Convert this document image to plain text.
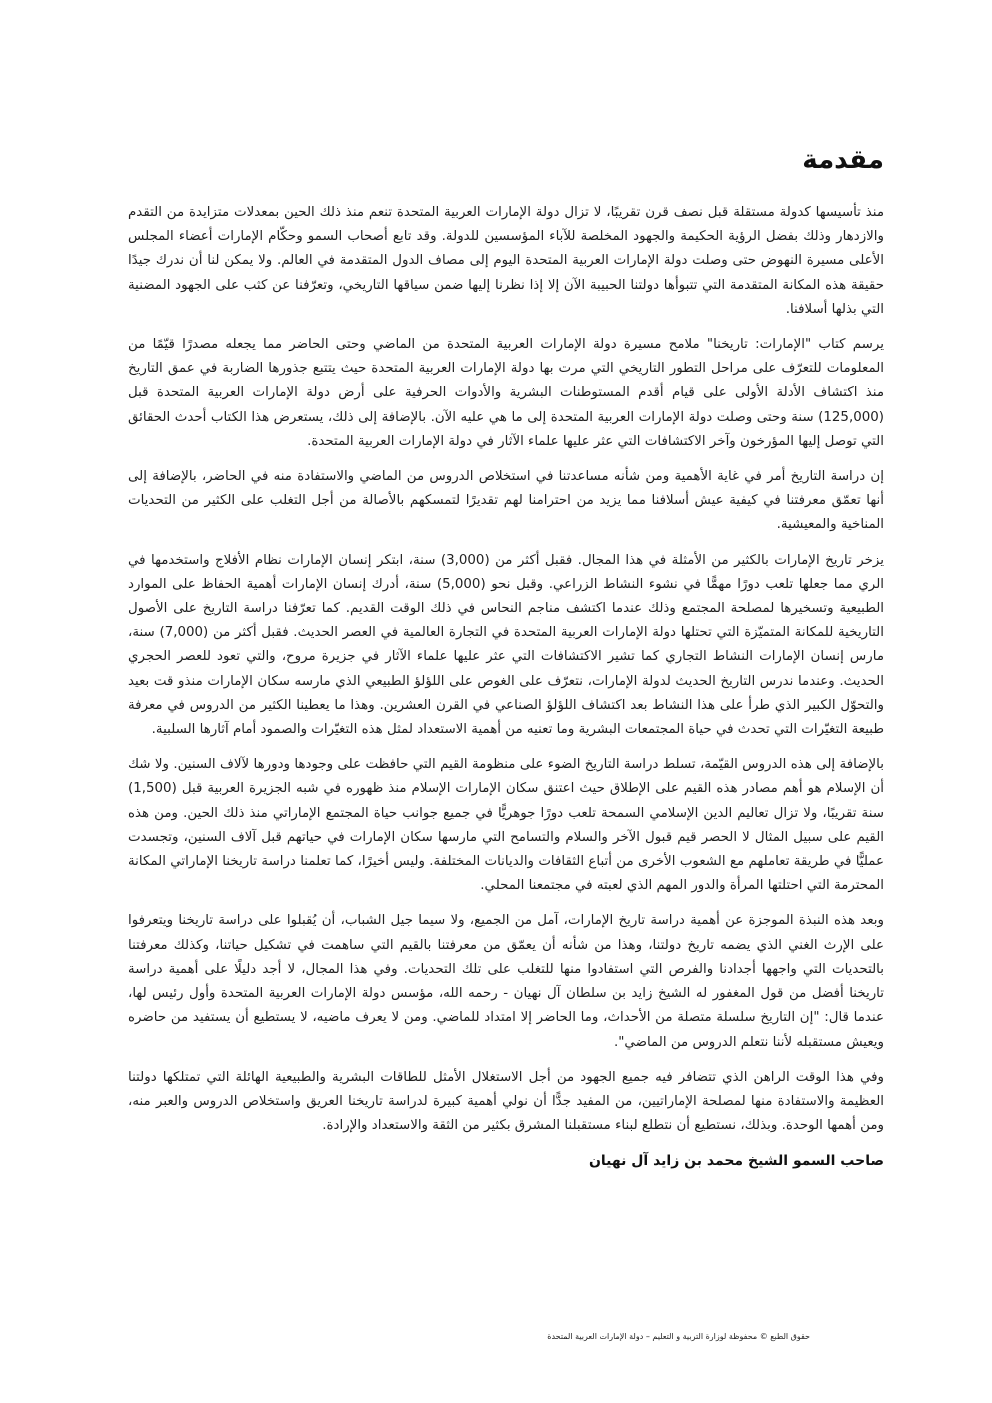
مقدمة

منذ تأسيسها كدولة مستقلة قبل نصف قرن تقريبًا، لا تزال دولة الإمارات العربية المتحدة تنعم منذ ذلك الحين بمعدلات متزايدة من التقدم والازدهار وذلك بفضل الرؤية الحكيمة والجهود المخلصة للآباء المؤسسين للدولة. وقد تابع أصحاب السمو وحكّام الإمارات أعضاء المجلس الأعلى مسيرة النهوض حتى وصلت دولة الإمارات العربية المتحدة اليوم إلى مصاف الدول المتقدمة في العالم. ولا يمكن لنا أن ندرك جيدًا حقيقة هذه المكانة المتقدمة التي تتبوأها دولتنا الحبيبة الآن إلا إذا نظرنا إليها ضمن سياقها التاريخي، وتعرّفنا عن كثب على الجهود المضنية التي بذلها أسلافنا.

يرسم كتاب "الإمارات: تاريخنا" ملامح مسيرة دولة الإمارات العربية المتحدة من الماضي وحتى الحاضر مما يجعله مصدرًا قيّمًا من المعلومات للتعرّف على مراحل التطور التاريخي التي مرت بها دولة الإمارات العربية المتحدة حيث يتتبع جذورها الضاربة في عمق التاريخ منذ اكتشاف الأدلة الأولى على قيام أقدم المستوطنات البشرية والأدوات الحرفية على أرض دولة الإمارات العربية المتحدة قبل (125,000) سنة وحتى وصلت دولة الإمارات العربية المتحدة إلى ما هي عليه الآن. بالإضافة إلى ذلك، يستعرض هذا الكتاب أحدث الحقائق التي توصل إليها المؤرخون وآخر الاكتشافات التي عثر عليها علماء الآثار في دولة الإمارات العربية المتحدة.

إن دراسة التاريخ أمر في غاية الأهمية ومن شأنه مساعدتنا في استخلاص الدروس من الماضي والاستفادة منه في الحاضر، بالإضافة إلى أنها تعمّق معرفتنا في كيفية عيش أسلافنا مما يزيد من احترامنا لهم تقديرًا لتمسكهم بالأصالة من أجل التغلب على الكثير من التحديات المناخية والمعيشية.

يزخر تاريخ الإمارات بالكثير من الأمثلة في هذا المجال. فقبل أكثر من (3,000) سنة، ابتكر إنسان الإمارات نظام الأفلاج واستخدمها في الري مما جعلها تلعب دورًا مهمًّا في نشوء النشاط الزراعي. وقبل نحو (5,000) سنة، أدرك إنسان الإمارات أهمية الحفاظ على الموارد الطبيعية وتسخيرها لمصلحة المجتمع وذلك عندما اكتشف مناجم النحاس في ذلك الوقت القديم. كما تعرّفنا دراسة التاريخ على الأصول التاريخية للمكانة المتميّزة التي تحتلها دولة الإمارات العربية المتحدة في التجارة العالمية في العصر الحديث. فقبل أكثر من (7,000) سنة، مارس إنسان الإمارات النشاط التجاري كما تشير الاكتشافات التي عثر عليها علماء الآثار في جزيرة مروح، والتي تعود للعصر الحجري الحديث. وعندما ندرس التاريخ الحديث لدولة الإمارات، نتعرّف على الغوص على اللؤلؤ الطبيعي الذي مارسه سكان الإمارات منذو قت بعيد والتحوّل الكبير الذي طرأ على هذا النشاط بعد اكتشاف اللؤلؤ الصناعي في القرن العشرين. وهذا ما يعطينا الكثير من الدروس في معرفة طبيعة التغيّرات التي تحدث في حياة المجتمعات البشرية وما تعنيه من أهمية الاستعداد لمثل هذه التغيّرات والصمود أمام آثارها السلبية.

بالإضافة إلى هذه الدروس القيّمة، تسلط دراسة التاريخ الضوء على منظومة القيم التي حافظت على وجودها ودورها لآلاف السنين. ولا شك أن الإسلام هو أهم مصادر هذه القيم على الإطلاق حيث اعتنق سكان الإمارات الإسلام منذ ظهوره في شبه الجزيرة العربية قبل (1,500) سنة تقريبًا، ولا تزال تعاليم الدين الإسلامي السمحة تلعب دورًا جوهريًّا في جميع جوانب حياة المجتمع الإماراتي منذ ذلك الحين. ومن هذه القيم على سبيل المثال لا الحصر قيم قبول الآخر والسلام والتسامح التي مارسها سكان الإمارات في حياتهم قبل آلاف السنين، وتجسدت عمليًّا في طريقة تعاملهم مع الشعوب الأخرى من أتباع الثقافات والديانات المختلفة. وليس أخيرًا، كما تعلمنا دراسة تاريخنا الإماراتي المكانة المحترمة التي احتلتها المرأة والدور المهم الذي لعبته في مجتمعنا المحلي.

وبعد هذه النبذة الموجزة عن أهمية دراسة تاريخ الإمارات، آمل من الجميع، ولا سيما جيل الشباب، أن يُقبلوا على دراسة تاريخنا ويتعرفوا على الإرث الغني الذي يضمه تاريخ دولتنا، وهذا من شأنه أن يعمّق من معرفتنا بالقيم التي ساهمت في تشكيل حياتنا، وكذلك معرفتنا بالتحديات التي واجهها أجدادنا والفرص التي استفادوا منها للتغلب على تلك التحديات. وفي هذا المجال، لا أجد دليلًا على أهمية دراسة تاريخنا أفضل من قول المغفور له الشيخ زايد بن سلطان آل نهيان - رحمه الله، مؤسس دولة الإمارات العربية المتحدة وأول رئيس لها، عندما قال: "إن التاريخ سلسلة متصلة من الأحداث، وما الحاضر إلا امتداد للماضي. ومن لا يعرف ماضيه، لا يستطيع أن يستفيد من حاضره ويعيش مستقبله لأننا نتعلم الدروس من الماضي".

وفي هذا الوقت الراهن الذي تتضافر فيه جميع الجهود من أجل الاستغلال الأمثل للطاقات البشرية والطبيعية الهائلة التي تمتلكها دولتنا العظيمة والاستفادة منها لمصلحة الإماراتيين، من المفيد جدًّا أن نولي أهمية كبيرة لدراسة تاريخنا العريق واستخلاص الدروس والعبر منه، ومن أهمها الوحدة. وبذلك، نستطيع أن نتطلع لبناء مستقبلنا المشرق بكثير من الثقة والاستعداد والإرادة.

صاحب السمو الشيخ محمد بن زايد آل نهيان
حقوق الطبع © محفوظة لوزارة التربية و التعليم – دولة الإمارات العربية المتحدة
